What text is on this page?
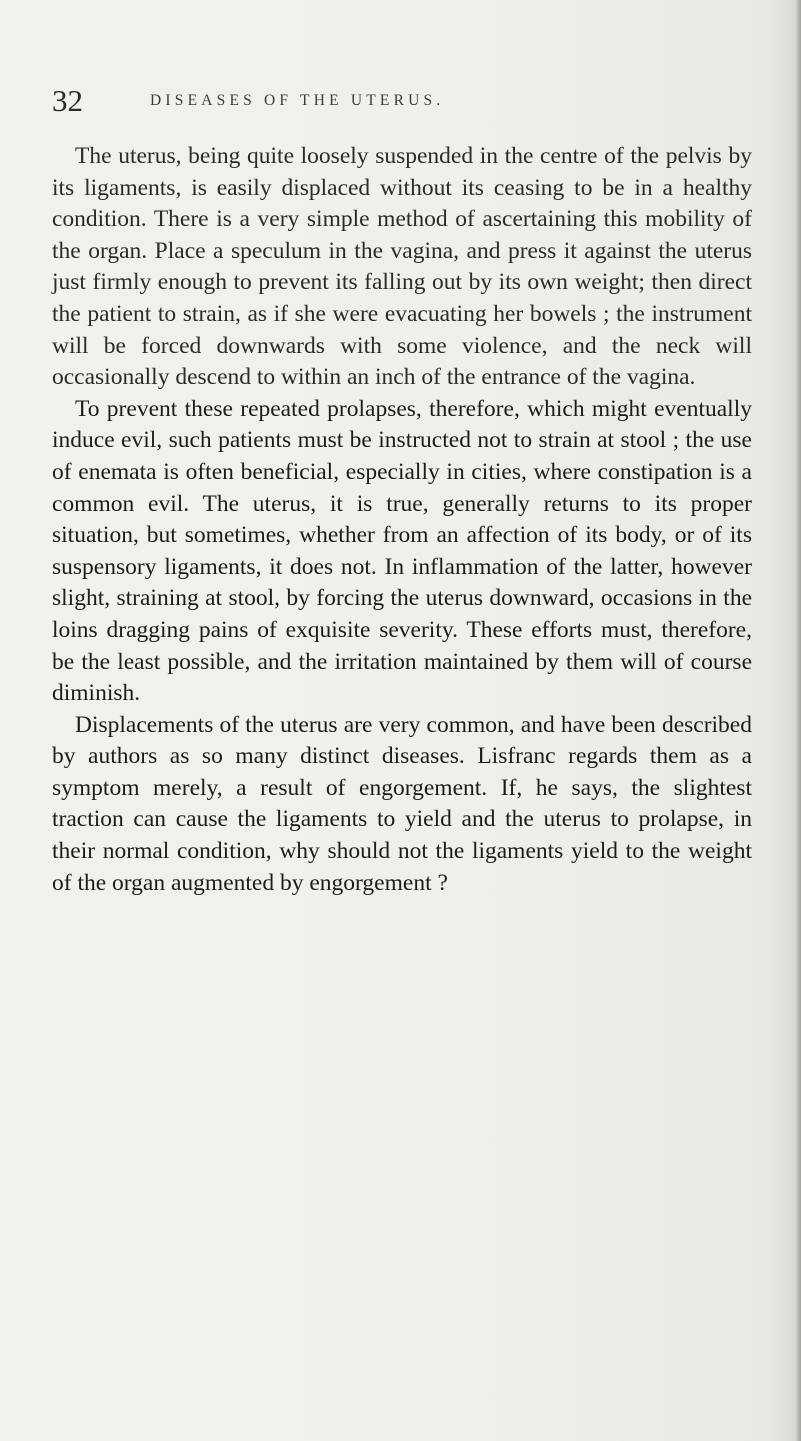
32	DISEASES OF THE UTERUS.

The uterus, being quite loosely suspended in the centre of the pelvis by its ligaments, is easily displaced without its ceasing to be in a healthy condition. There is a very simple method of ascertaining this mobility of the organ. Place a speculum in the vagina, and press it against the uterus just firmly enough to prevent its falling out by its own weight; then direct the patient to strain, as if she were evacuating her bowels ; the instrument will be forced downwards with some violence, and the neck will occasionally descend to within an inch of the entrance of the vagina.

To prevent these repeated prolapses, therefore, which might eventually induce evil, such patients must be instructed not to strain at stool ; the use of enemata is often beneficial, especially in cities, where constipation is a common evil. The uterus, it is true, generally returns to its proper situation, but sometimes, whether from an affection of its body, or of its suspensory ligaments, it does not. In inflammation of the latter, however slight, straining at stool, by forcing the uterus downward, occasions in the loins dragging pains of exquisite severity. These efforts must, therefore, be the least possible, and the irritation maintained by them will of course diminish.

Displacements of the uterus are very common, and have been described by authors as so many distinct diseases. Lisfranc regards them as a symptom merely, a result of engorgement. If, he says, the slightest traction can cause the ligaments to yield and the uterus to prolapse, in their normal condition, why should not the ligaments yield to the weight of the organ augmented by engorgement ?
